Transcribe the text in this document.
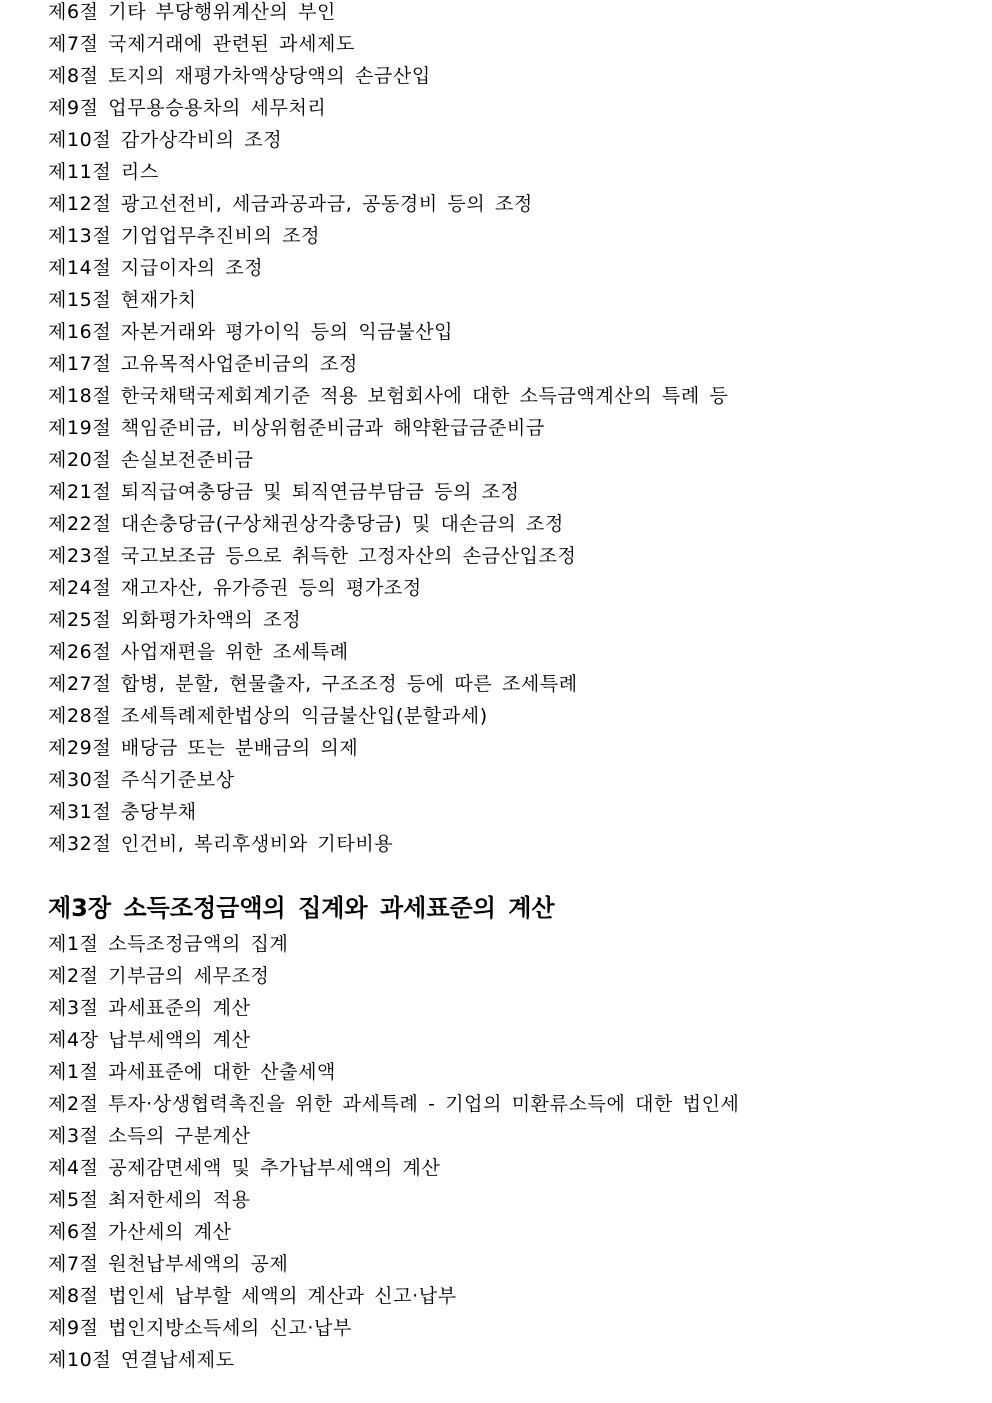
제6절 기타 부당행위계산의 부인
제7절 국제거래에 관련된 과세제도
제8절 토지의 재평가차액상당액의 손금산입
제9절 업무용승용차의 세무처리
제10절 감가상각비의 조정
제11절 리스
제12절 광고선전비, 세금과공과금, 공동경비 등의 조정
제13절 기업업무추진비의 조정
제14절 지급이자의 조정
제15절 현재가치
제16절 자본거래와 평가이익 등의 익금불산입
제17절 고유목적사업준비금의 조정
제18절 한국채택국제회계기준 적용 보험회사에 대한 소득금액계산의 특례 등
제19절 책임준비금, 비상위험준비금과 해약환급금준비금
제20절 손실보전준비금
제21절 퇴직급여충당금 및 퇴직연금부담금 등의 조정
제22절 대손충당금(구상채권상각충당금) 및 대손금의 조정
제23절 국고보조금 등으로 취득한 고정자산의 손금산입조정
제24절 재고자산, 유가증권 등의 평가조정
제25절 외화평가차액의 조정
제26절 사업재편을 위한 조세특례
제27절 합병, 분할, 현물출자, 구조조정 등에 따른 조세특례
제28절 조세특례제한법상의 익금불산입(분할과세)
제29절 배당금 또는 분배금의 의제
제30절 주식기준보상
제31절 충당부채
제32절 인건비, 복리후생비와 기타비용
제3장 소득조정금액의 집계와 과세표준의 계산
제1절 소득조정금액의 집계
제2절 기부금의 세무조정
제3절 과세표준의 계산
제4장 납부세액의 계산
제1절 과세표준에 대한 산출세액
제2절 투자·상생협력촉진을 위한 과세특례 - 기업의 미환류소득에 대한 법인세
제3절 소득의 구분계산
제4절 공제감면세액 및 추가납부세액의 계산
제5절 최저한세의 적용
제6절 가산세의 계산
제7절 원천납부세액의 공제
제8절 법인세 납부할 세액의 계산과 신고·납부
제9절 법인지방소득세의 신고·납부
제10절 연결납세제도
